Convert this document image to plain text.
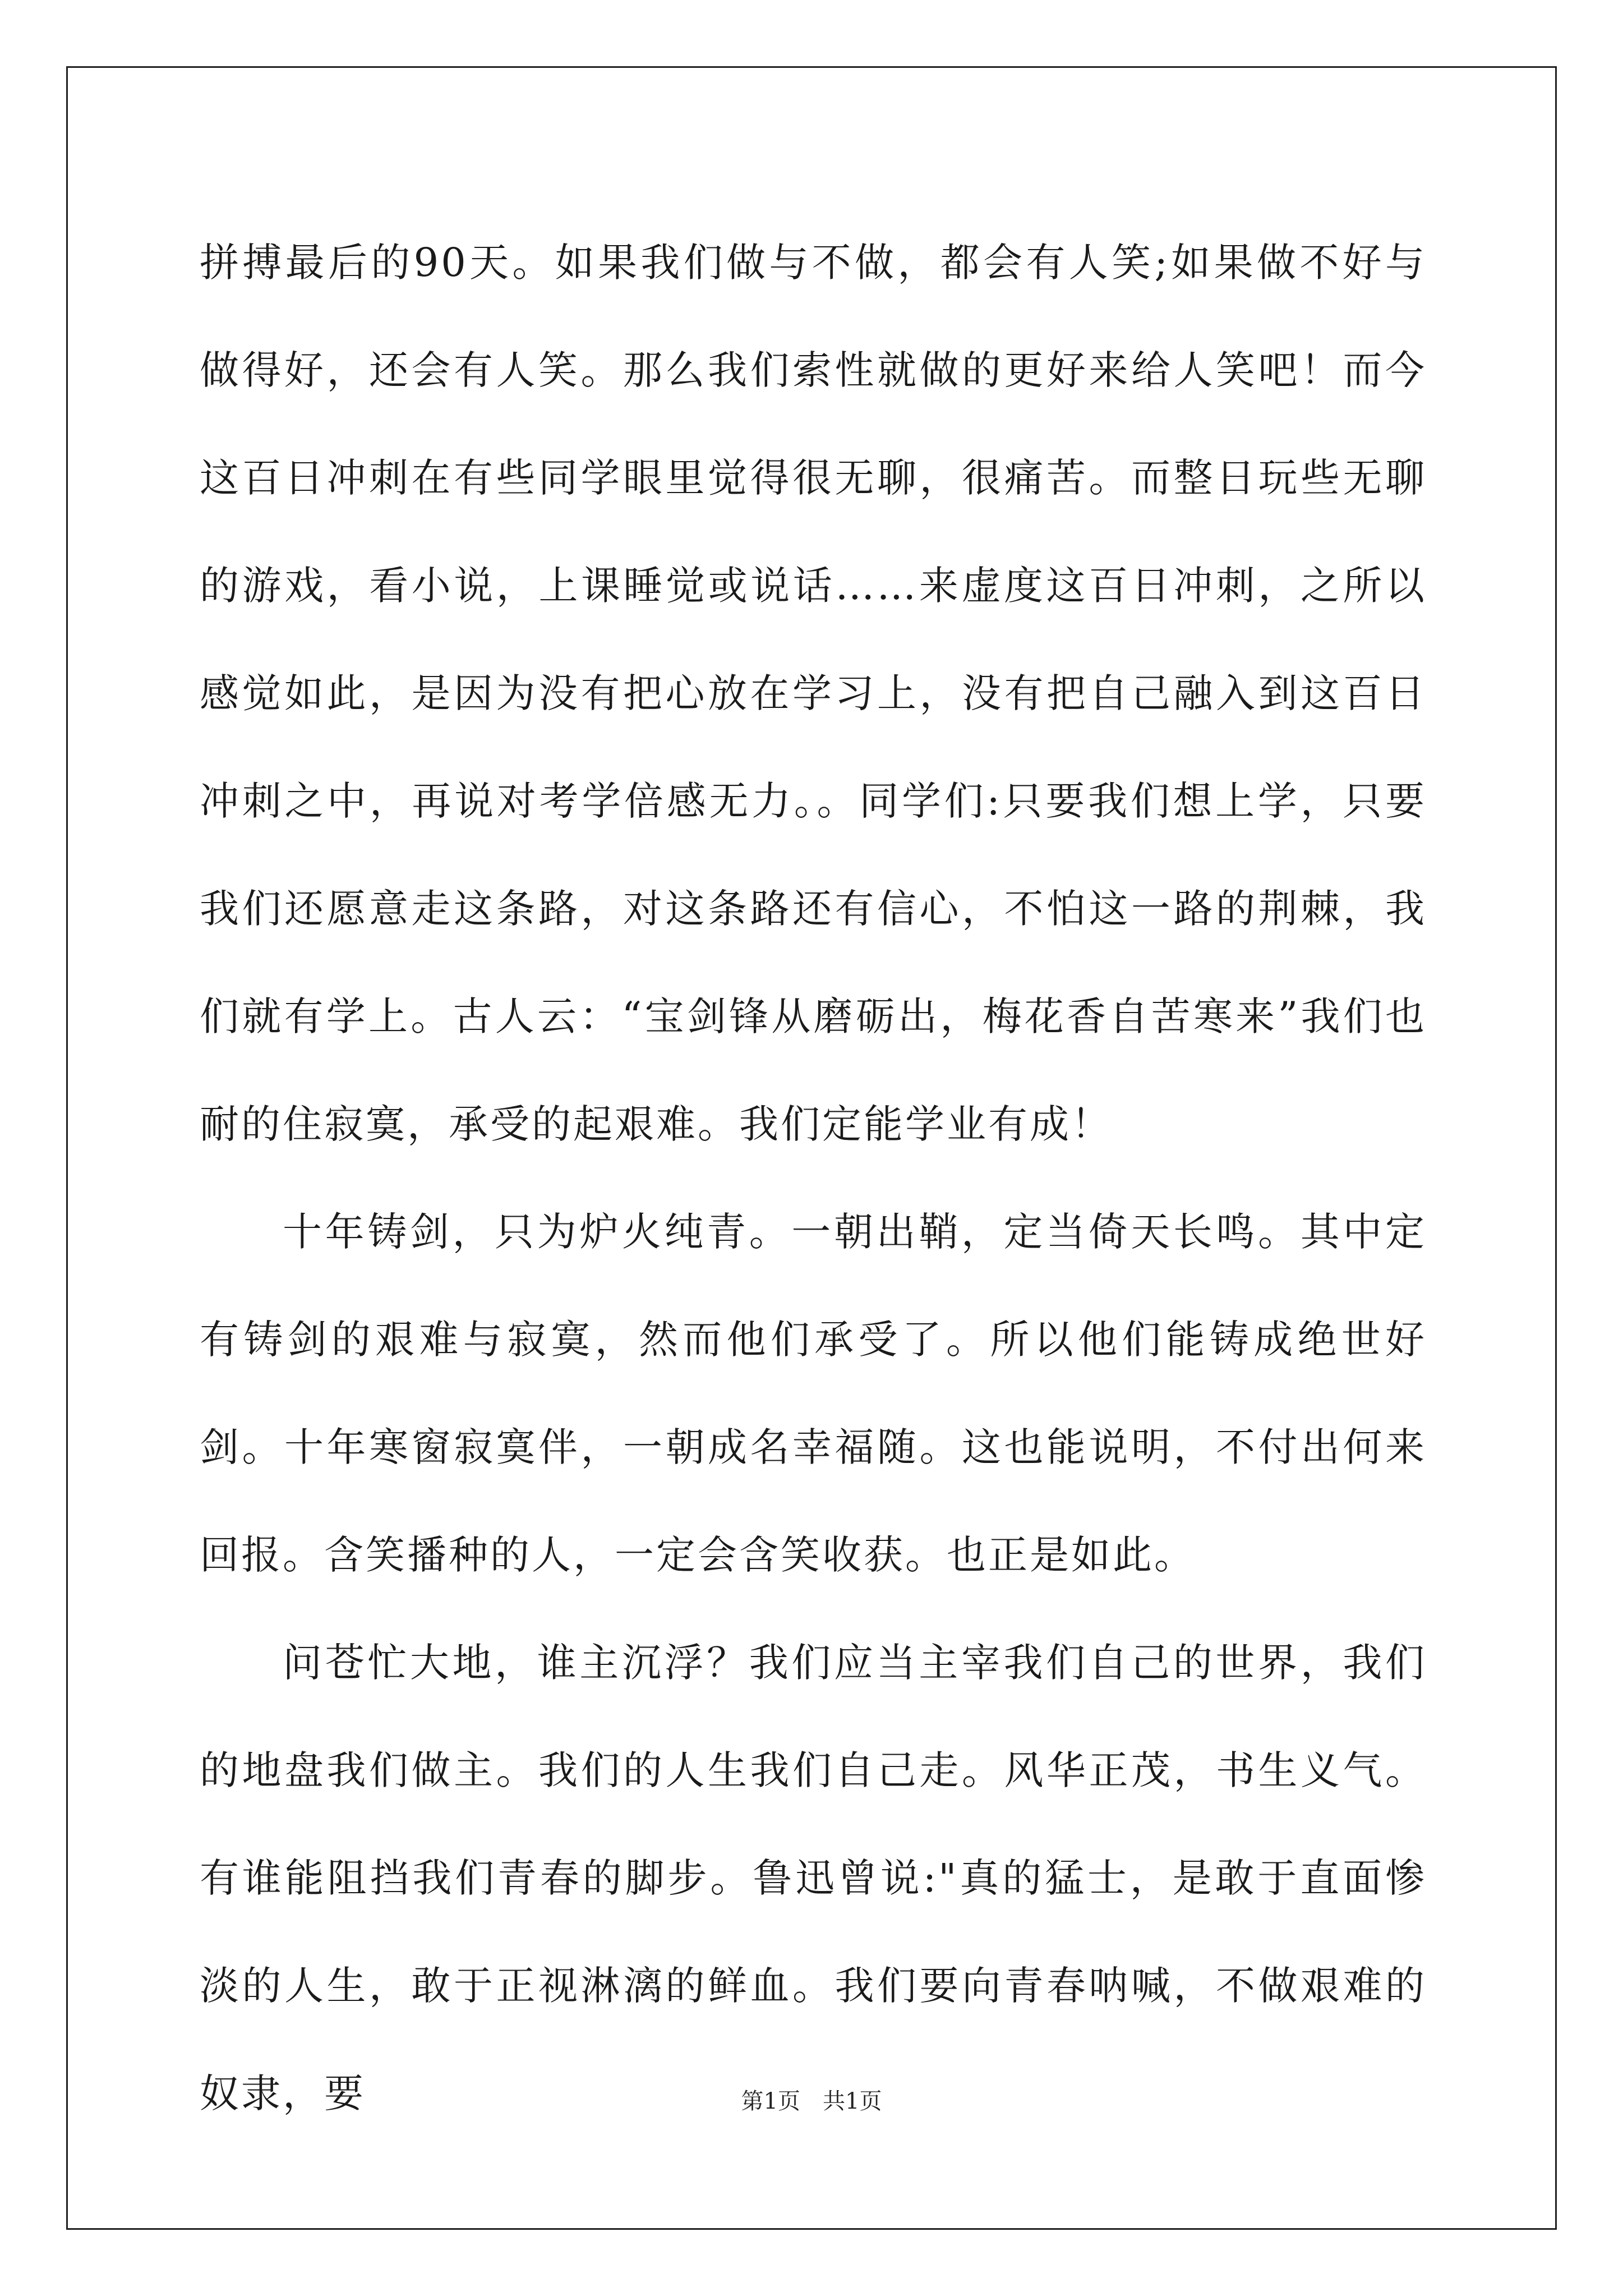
拼搏最后的90天。如果我们做与不做，都会有人笑;如果做不好与做得好，还会有人笑。那么我们索性就做的更好来给人笑吧！而今这百日冲刺在有些同学眼里觉得很无聊，很痛苦。而整日玩些无聊的游戏，看小说，上课睡觉或说话……来虚度这百日冲刺，之所以感觉如此，是因为没有把心放在学习上，没有把自己融入到这百日冲刺之中，再说对考学倍感无力。。同学们:只要我们想上学，只要我们还愿意走这条路，对这条路还有信心，不怕这一路的荆棘，我们就有学上。古人云：“宝剑锋从磨砺出，梅花香自苦寒来”我们也耐的住寂寞，承受的起艰难。我们定能学业有成！

十年铸剑，只为炉火纯青。一朝出鞘，定当倚天长鸣。其中定有铸剑的艰难与寂寞，然而他们承受了。所以他们能铸成绝世好剑。十年寒窗寂寞伴，一朝成名幸福随。这也能说明，不付出何来回报。含笑播种的人，一定会含笑收获。也正是如此。

问苍忙大地，谁主沉浮？我们应当主宰我们自己的世界，我们的地盘我们做主。我们的人生我们自己走。风华正茂，书生义气。有谁能阻挡我们青春的脚步。鲁迅曾说:"真的猛士，是敢于直面惨淡的人生，敢于正视淋漓的鲜血。我们要向青春呐喊，不做艰难的奴隶，要	第1页 共1页
